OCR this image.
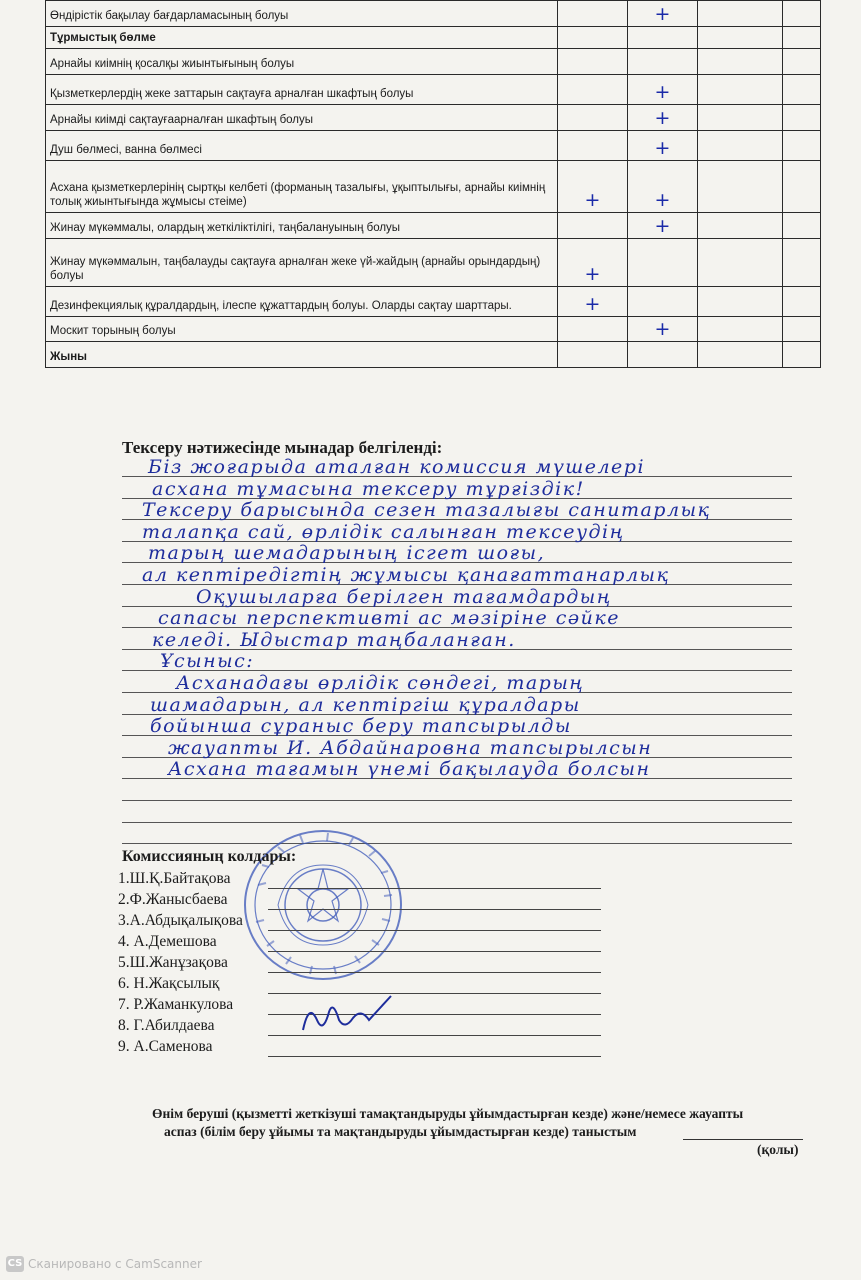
Өндірістік бақылау бағдарламасының болуы		+		

Тұрмыстық бөлме	

Арнайы киімнің қосалқы жиынтығының болуы	

Қызметкерлердің жеке заттарын сақтауға арналған шкафтың болуы		+		

Арнайы киімді сақтауғаарналған шкафтың болуы		+		

Душ бөлмесі, ванна бөлмесі		+		

Асхана қызметкерлерінің сыртқы келбеті (форманың тазалығы, ұқыптылығы, арнайы киімнің толық жиынтығында жұмысы стеіме)	+	+		

Жинау мүкәммалы, олардың жеткіліктілігі, таңбалануының болуы		+		

Жинау мүкәммалын, таңбалауды сақтауға арналған жеке үй-жайдың (арнайы орындардың) болуы	+			

Дезинфекциялық құралдардың, ілеспе құжаттардың болуы. Оларды сақтау шарттары.	+			

Москит торының болуы		+		

Жыны	

Тексеру нәтижесінде мынадар белгіленді:
Біз жоғарыда аталған комиссия мүшелері
асхана тұмасына тексеру тұрғіздік!
Тексеру барысында сезен тазалығы санитарлық
талапқа сай, өрлідік салынған тексеудің
тарың шемадарының ісгет шоғы,
ал кептіредігтің жұмысы қанағаттанарлық
Оқушыларға берілген тағамдардың
сапасы перспективті ас мәзіріне сәйке
келеді. Ыдыстар таңбаланған.
Ұсыныс:
Асханадағы өрлідік сөндегі, тарың
шамадарын, ал кептіргіш құралдары
бойынша сұраныс беру тапсырылды
жауапты И. Абдайнаровна тапсырылсын
Асхана тағамын үнемі бақылауда болсын
Комиссияның колдары:
1.Ш.Қ.Байтақова
2.Ф.Жанысбаева
3.А.Абдықалықова
4. А.Демешова
5.Ш.Жанұзақова
6. Н.Жақсылық
7. Р.Жаманкулова
8. Г.Абилдаева
9. А.Саменова
Өнім беруші (қызметті жеткізуші тамақтандыруды ұйымдастырған кезде) және/немесе жауапты
аспаз (білім беру ұйымы та мақтандыруды ұйымдастырған кезде) таныстым
(қолы)
CS Сканировано с CamScanner
